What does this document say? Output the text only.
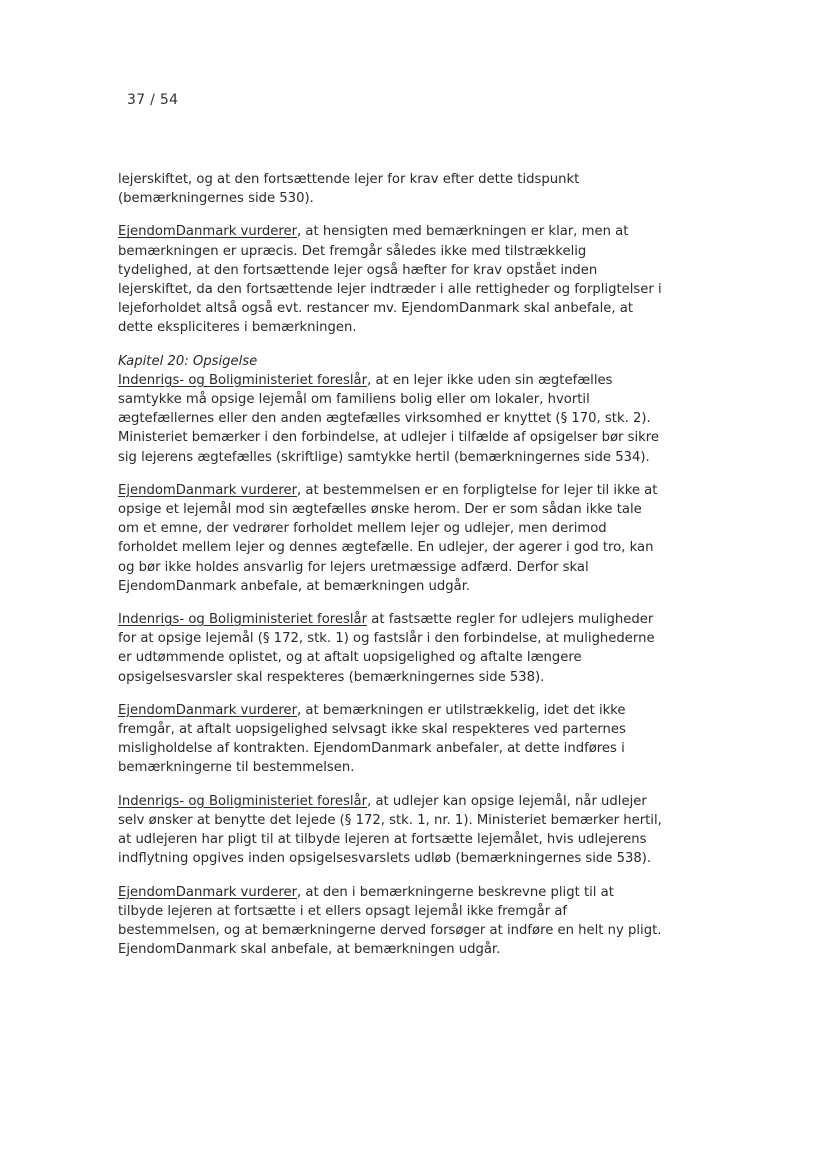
37 / 54

lejerskiftet, og at den fortsættende lejer for krav efter dette tidspunkt (bemærkningernes side 530).

EjendomDanmark vurderer, at hensigten med bemærkningen er klar, men at bemærkningen er upræcis. Det fremgår således ikke med tilstrækkelig tydelighed, at den fortsættende lejer også hæfter for krav opstået inden lejerskiftet, da den fortsættende lejer indtræder i alle rettigheder og forpligtelser i lejeforholdet altså også evt. restancer mv. EjendomDanmark skal anbefale, at dette ekspliciteres i bemærkningen.

Kapitel 20: Opsigelse
Indenrigs- og Boligministeriet foreslår, at en lejer ikke uden sin ægtefælles samtykke må opsige lejemål om familiens bolig eller om lokaler, hvortil ægtefællernes eller den anden ægtefælles virksomhed er knyttet (§ 170, stk. 2). Ministeriet bemærker i den forbindelse, at udlejer i tilfælde af opsigelser bør sikre sig lejerens ægtefælles (skriftlige) samtykke hertil (bemærkningernes side 534).

EjendomDanmark vurderer, at bestemmelsen er en forpligtelse for lejer til ikke at opsige et lejemål mod sin ægtefælles ønske herom. Der er som sådan ikke tale om et emne, der vedrører forholdet mellem lejer og udlejer, men derimod forholdet mellem lejer og dennes ægtefælle. En udlejer, der agerer i god tro, kan og bør ikke holdes ansvarlig for lejers uretmæssige adfærd. Derfor skal EjendomDanmark anbefale, at bemærkningen udgår.

Indenrigs- og Boligministeriet foreslår at fastsætte regler for udlejers muligheder for at opsige lejemål (§ 172, stk. 1) og fastslår i den forbindelse, at mulighederne er udtømmende oplistet, og at aftalt uopsigelighed og aftalte længere opsigelsesvarsler skal respekteres (bemærkningernes side 538).

EjendomDanmark vurderer, at bemærkningen er utilstrækkelig, idet det ikke fremgår, at aftalt uopsigelighed selvsagt ikke skal respekteres ved parternes misligholdelse af kontrakten. EjendomDanmark anbefaler, at dette indføres i bemærkningerne til bestemmelsen.

Indenrigs- og Boligministeriet foreslår, at udlejer kan opsige lejemål, når udlejer selv ønsker at benytte det lejede (§ 172, stk. 1, nr. 1). Ministeriet bemærker hertil, at udlejeren har pligt til at tilbyde lejeren at fortsætte lejemålet, hvis udlejerens indflytning opgives inden opsigelsesvarslets udløb (bemærkningernes side 538).

EjendomDanmark vurderer, at den i bemærkningerne beskrevne pligt til at tilbyde lejeren at fortsætte i et ellers opsagt lejemål ikke fremgår af bestemmelsen, og at bemærkningerne derved forsøger at indføre en helt ny pligt. EjendomDanmark skal anbefale, at bemærkningen udgår.
